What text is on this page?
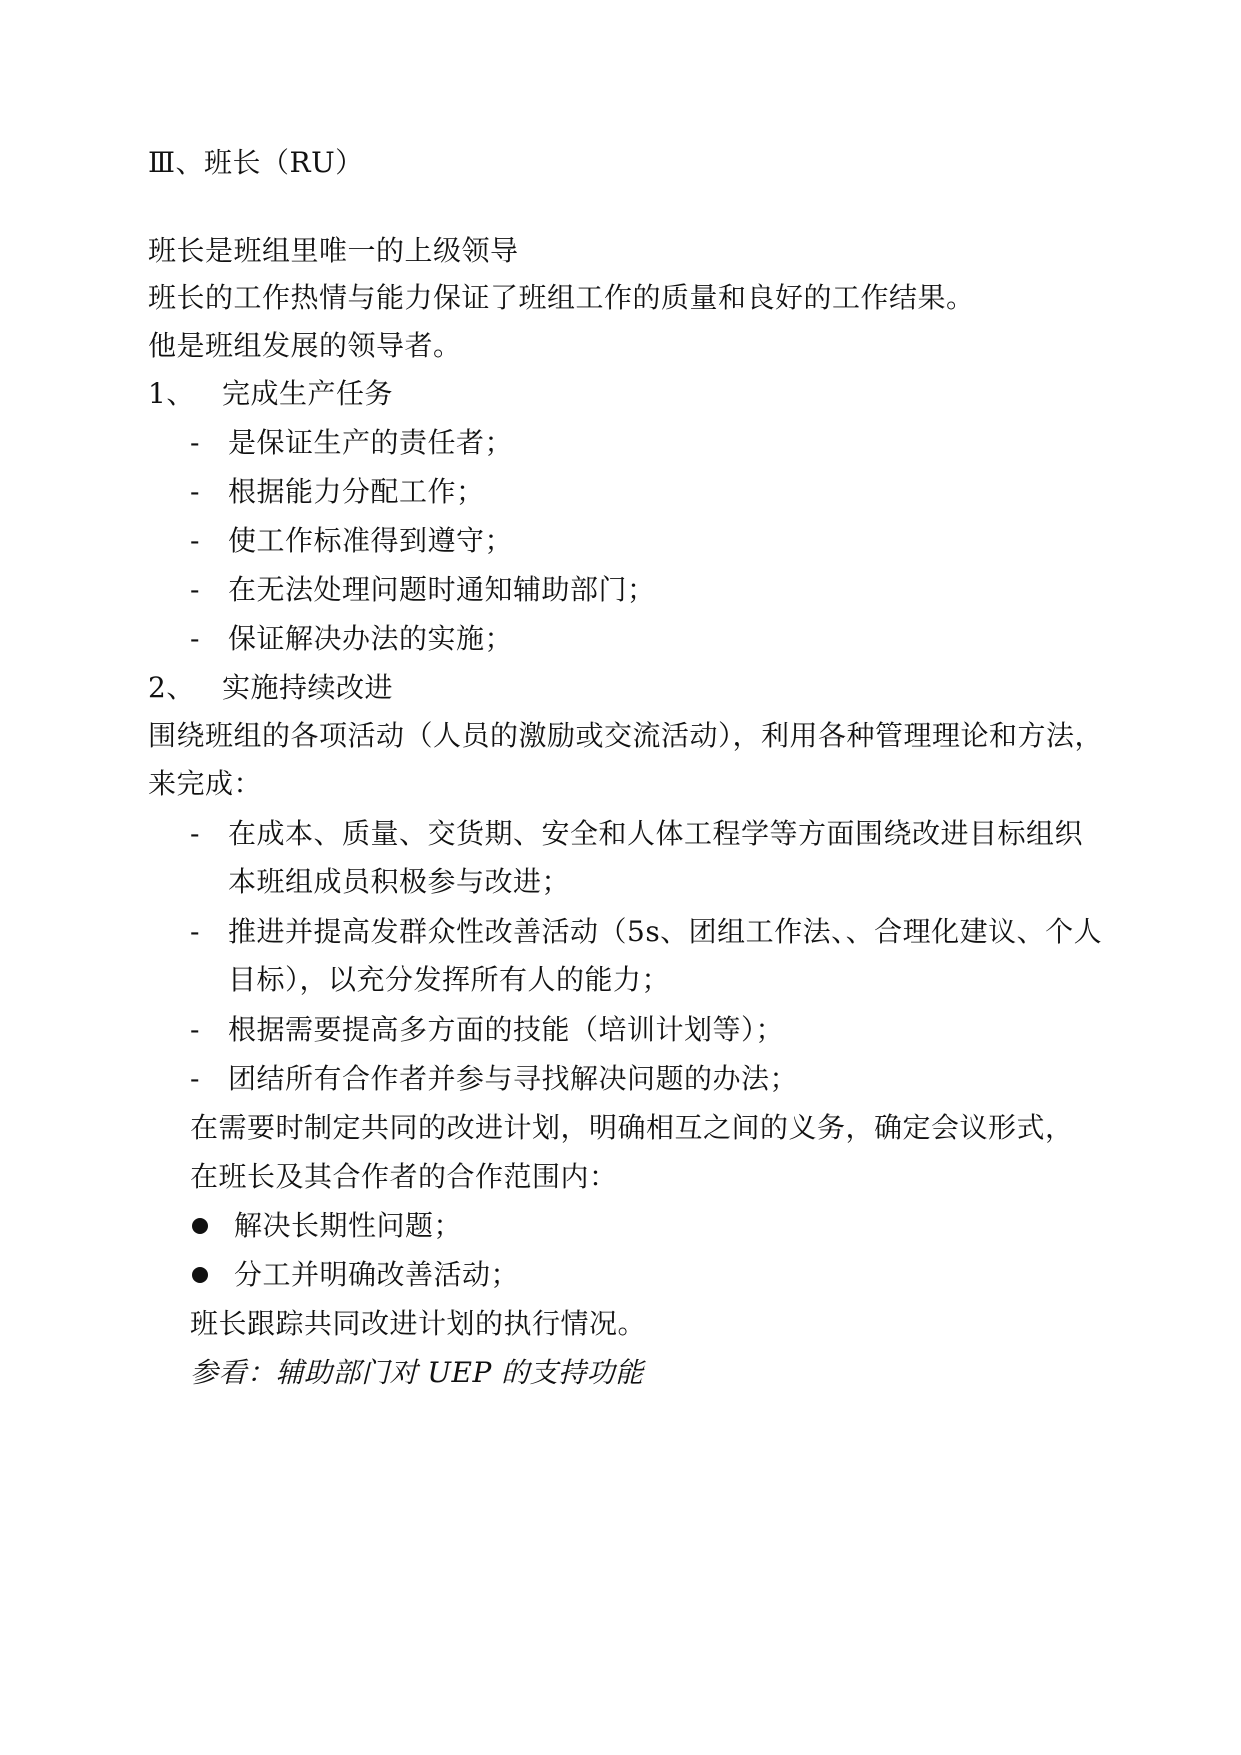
Ⅲ、班长（RU）
班长是班组里唯一的上级领导
班长的工作热情与能力保证了班组工作的质量和良好的工作结果。
他是班组发展的领导者。
1、 完成生产任务
- 是保证生产的责任者；
- 根据能力分配工作；
- 使工作标准得到遵守；
- 在无法处理问题时通知辅助部门；
- 保证解决办法的实施；
2、 实施持续改进
围绕班组的各项活动（人员的激励或交流活动），利用各种管理理论和方法，
来完成：
- 在成本、质量、交货期、安全和人体工程学等方面围绕改进目标组织
本班组成员积极参与改进；
- 推进并提高发群众性改善活动（5s、团组工作法、、合理化建议、个人
目标），以充分发挥所有人的能力；
- 根据需要提高多方面的技能（培训计划等）；
- 团结所有合作者并参与寻找解决问题的办法；
在需要时制定共同的改进计划，明确相互之间的义务，确定会议形式，
在班长及其合作者的合作范围内：
解决长期性问题；
分工并明确改善活动；
班长跟踪共同改进计划的执行情况。
参看：辅助部门对 UEP 的支持功能
